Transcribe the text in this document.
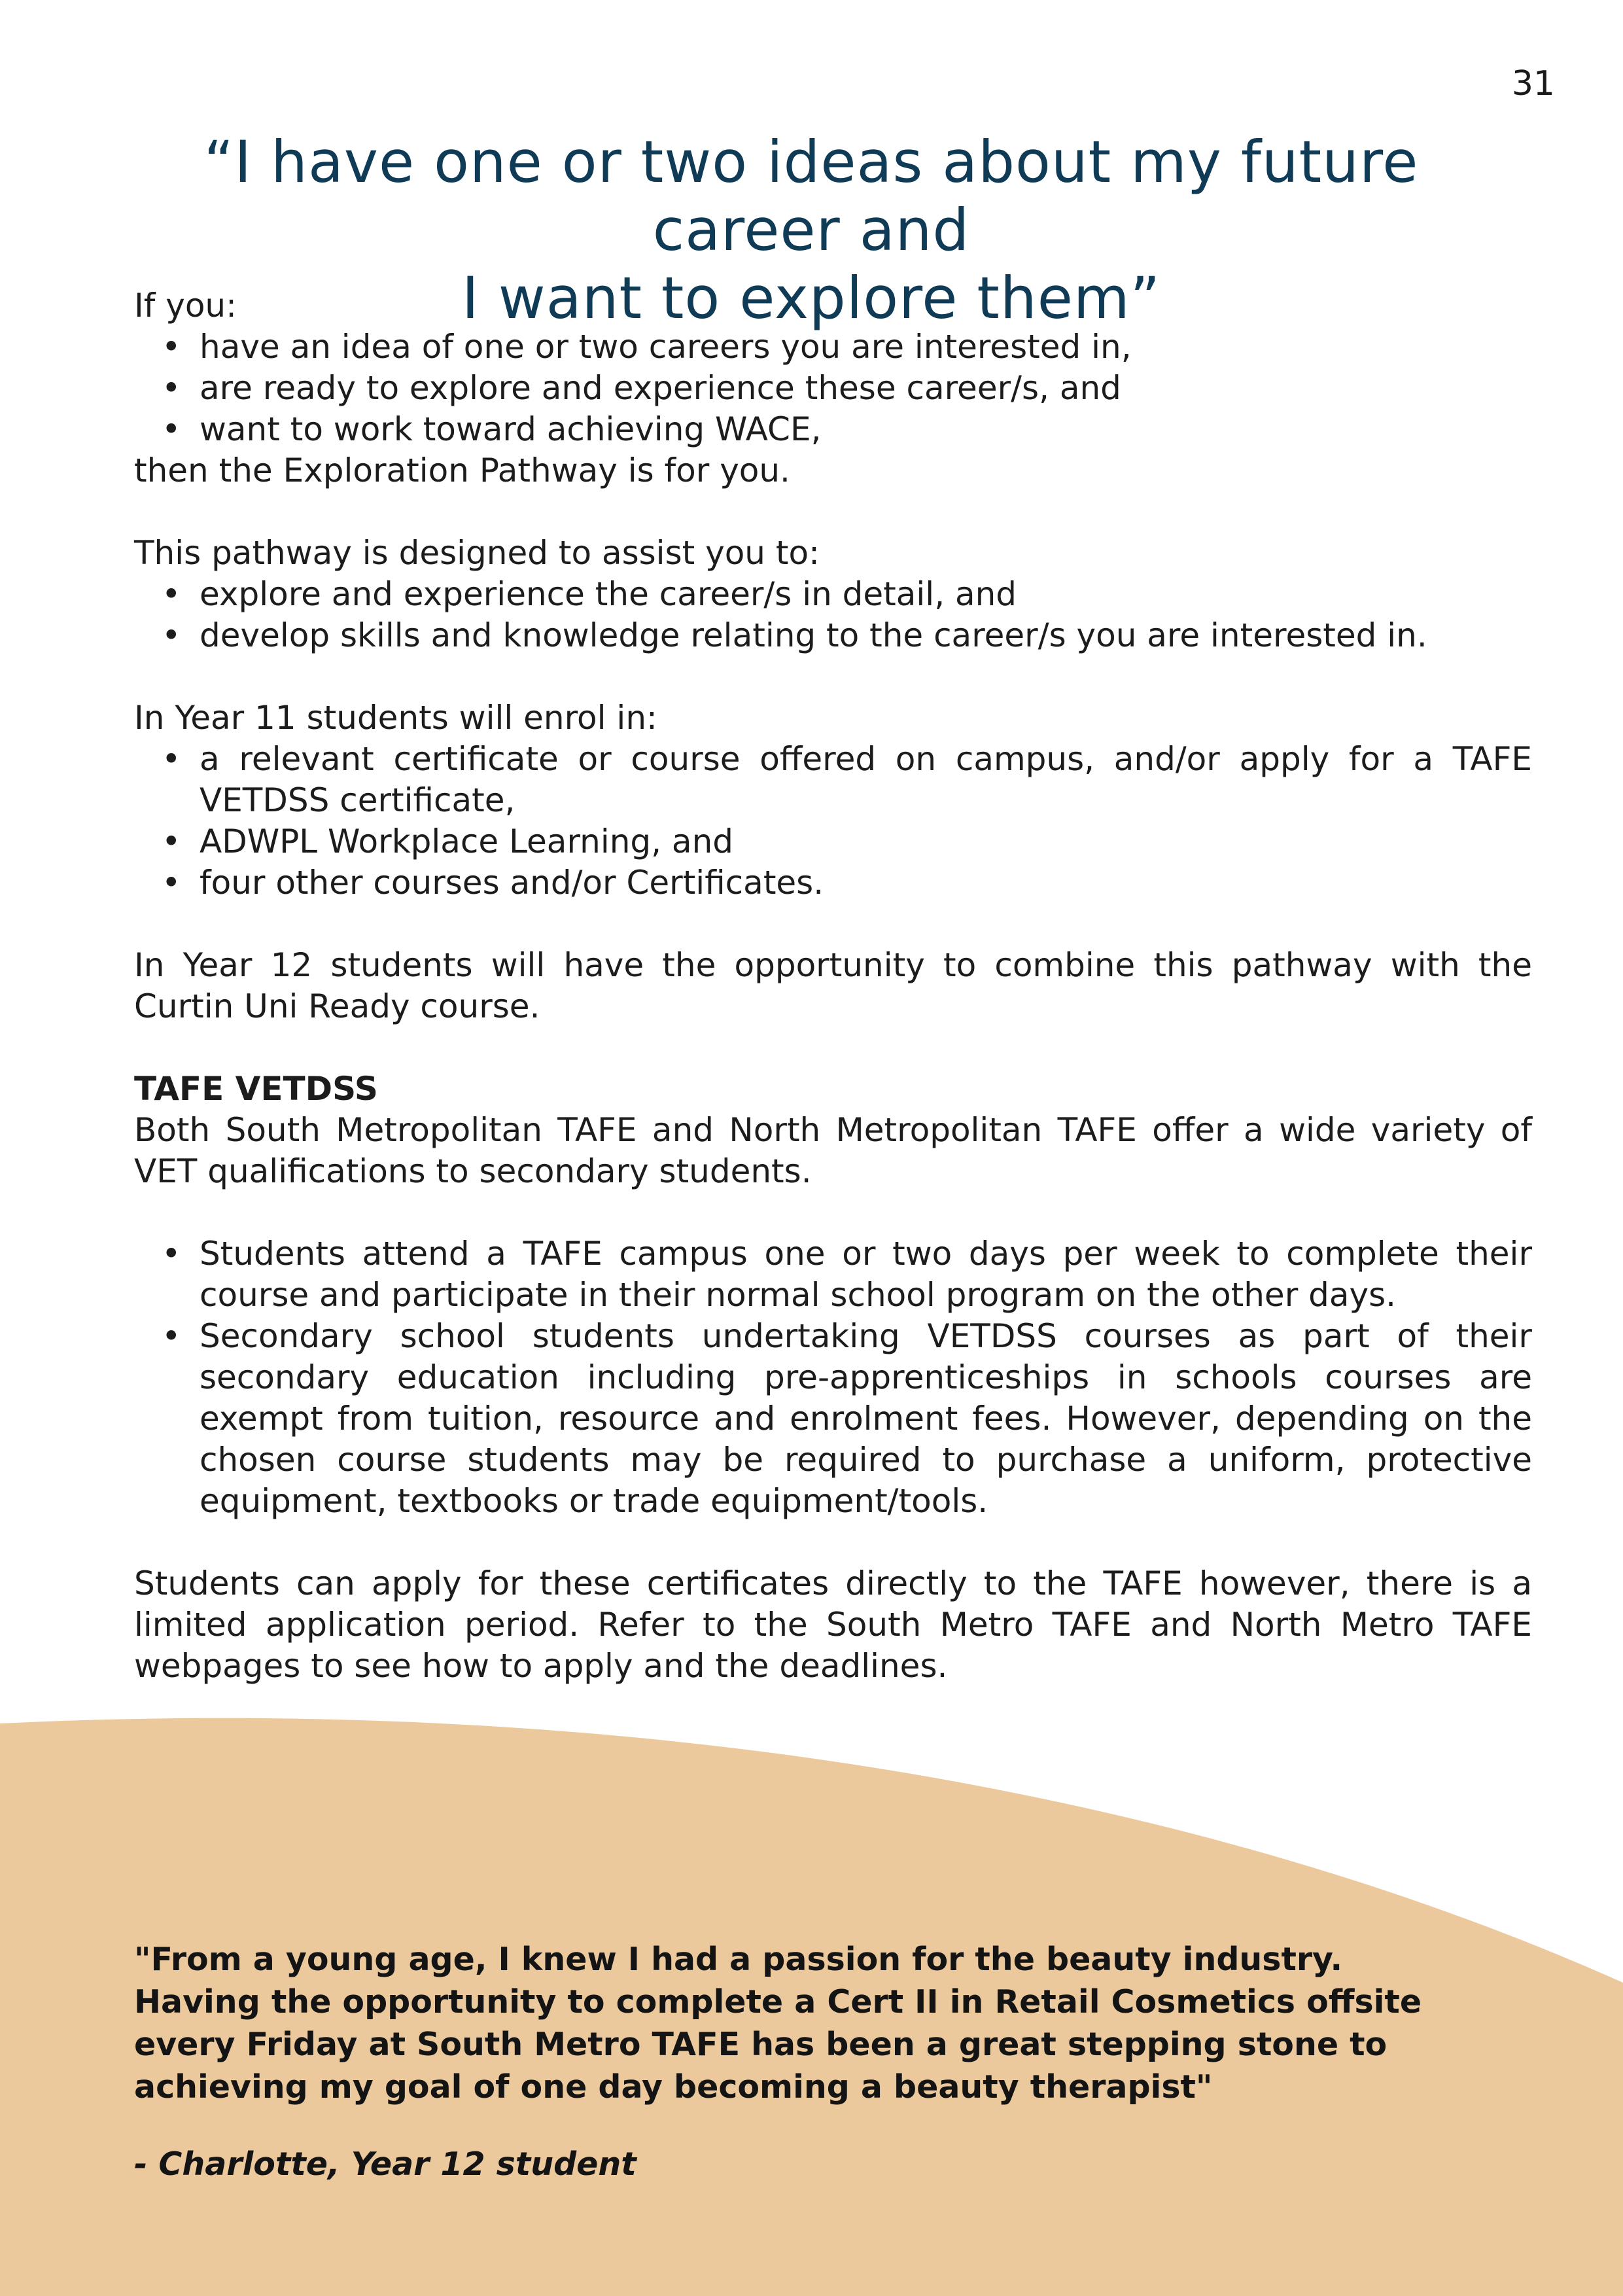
31
“I have one or two ideas about my future career and
I want to explore them”

If you:

• have an idea of one or two careers you are interested in,
• are ready to explore and experience these career/s, and
• want to work toward achieving WACE,

then the Exploration Pathway is for you.

This pathway is designed to assist you to:

• explore and experience the career/s in detail, and
• develop skills and knowledge relating to the career/s you are interested in.

In Year 11 students will enrol in:

• a relevant certificate or course offered on campus, and/or apply for a TAFE VETDSS certificate,
• ADWPL Workplace Learning, and
• four other courses and/or Certificates.

In Year 12 students will have the opportunity to combine this pathway with the Curtin Uni Ready course.

TAFE VETDSS

Both South Metropolitan TAFE and North Metropolitan TAFE offer a wide variety of VET qualifications to secondary students.

• Students attend a TAFE campus one or two days per week to complete their course and participate in their normal school program on the other days.
• Secondary school students undertaking VETDSS courses as part of their secondary education including pre-apprenticeships in schools courses are exempt from tuition, resource and enrolment fees. However, depending on the chosen course students may be required to purchase a uniform, protective equipment, textbooks or trade equipment/tools.

Students can apply for these certificates directly to the TAFE however, there is a limited application period. Refer to the South Metro TAFE and North Metro TAFE webpages to see how to apply and the deadlines.

"From a young age, I knew I had a passion for the beauty industry. Having the opportunity to complete a Cert II in Retail Cosmetics offsite every Friday at South Metro TAFE has been a great stepping stone to achieving my goal of one day becoming a beauty therapist"
- Charlotte, Year 12 student
